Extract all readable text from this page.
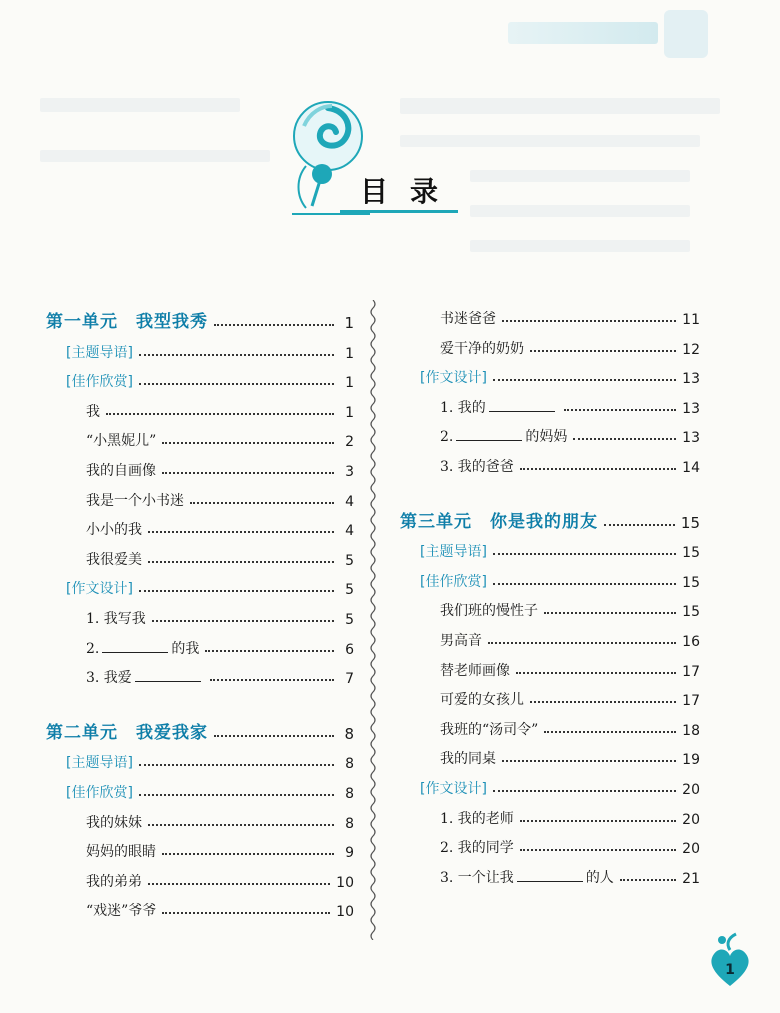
目录
第一单元　我型我秀	1
[主题导语]	1
[佳作欣赏]	1
我	1
“小黑妮儿”	2
我的自画像	3
我是一个小书迷	4
小小的我	4
我很爱美	5
[作文设计]	5
1. 我写我	5
2.	的我	6
3. 我爱	7
第二单元　我爱我家	8
[主题导语]	8
[佳作欣赏]	8
我的妹妹	8
妈妈的眼睛	9
我的弟弟	10
“戏迷”爷爷	10
书迷爸爸	11
爱干净的奶奶	12
[作文设计]	13
1. 我的	13
2.	的妈妈	13
3. 我的爸爸	14
第三单元　你是我的朋友	15
[主题导语]	15
[佳作欣赏]	15
我们班的慢性子	15
男高音	16
替老师画像	17
可爱的女孩儿	17
我班的“汤司令”	18
我的同桌	19
[作文设计]	20
1. 我的老师	20
2. 我的同学	20
3. 一个让我	的人	21
1
